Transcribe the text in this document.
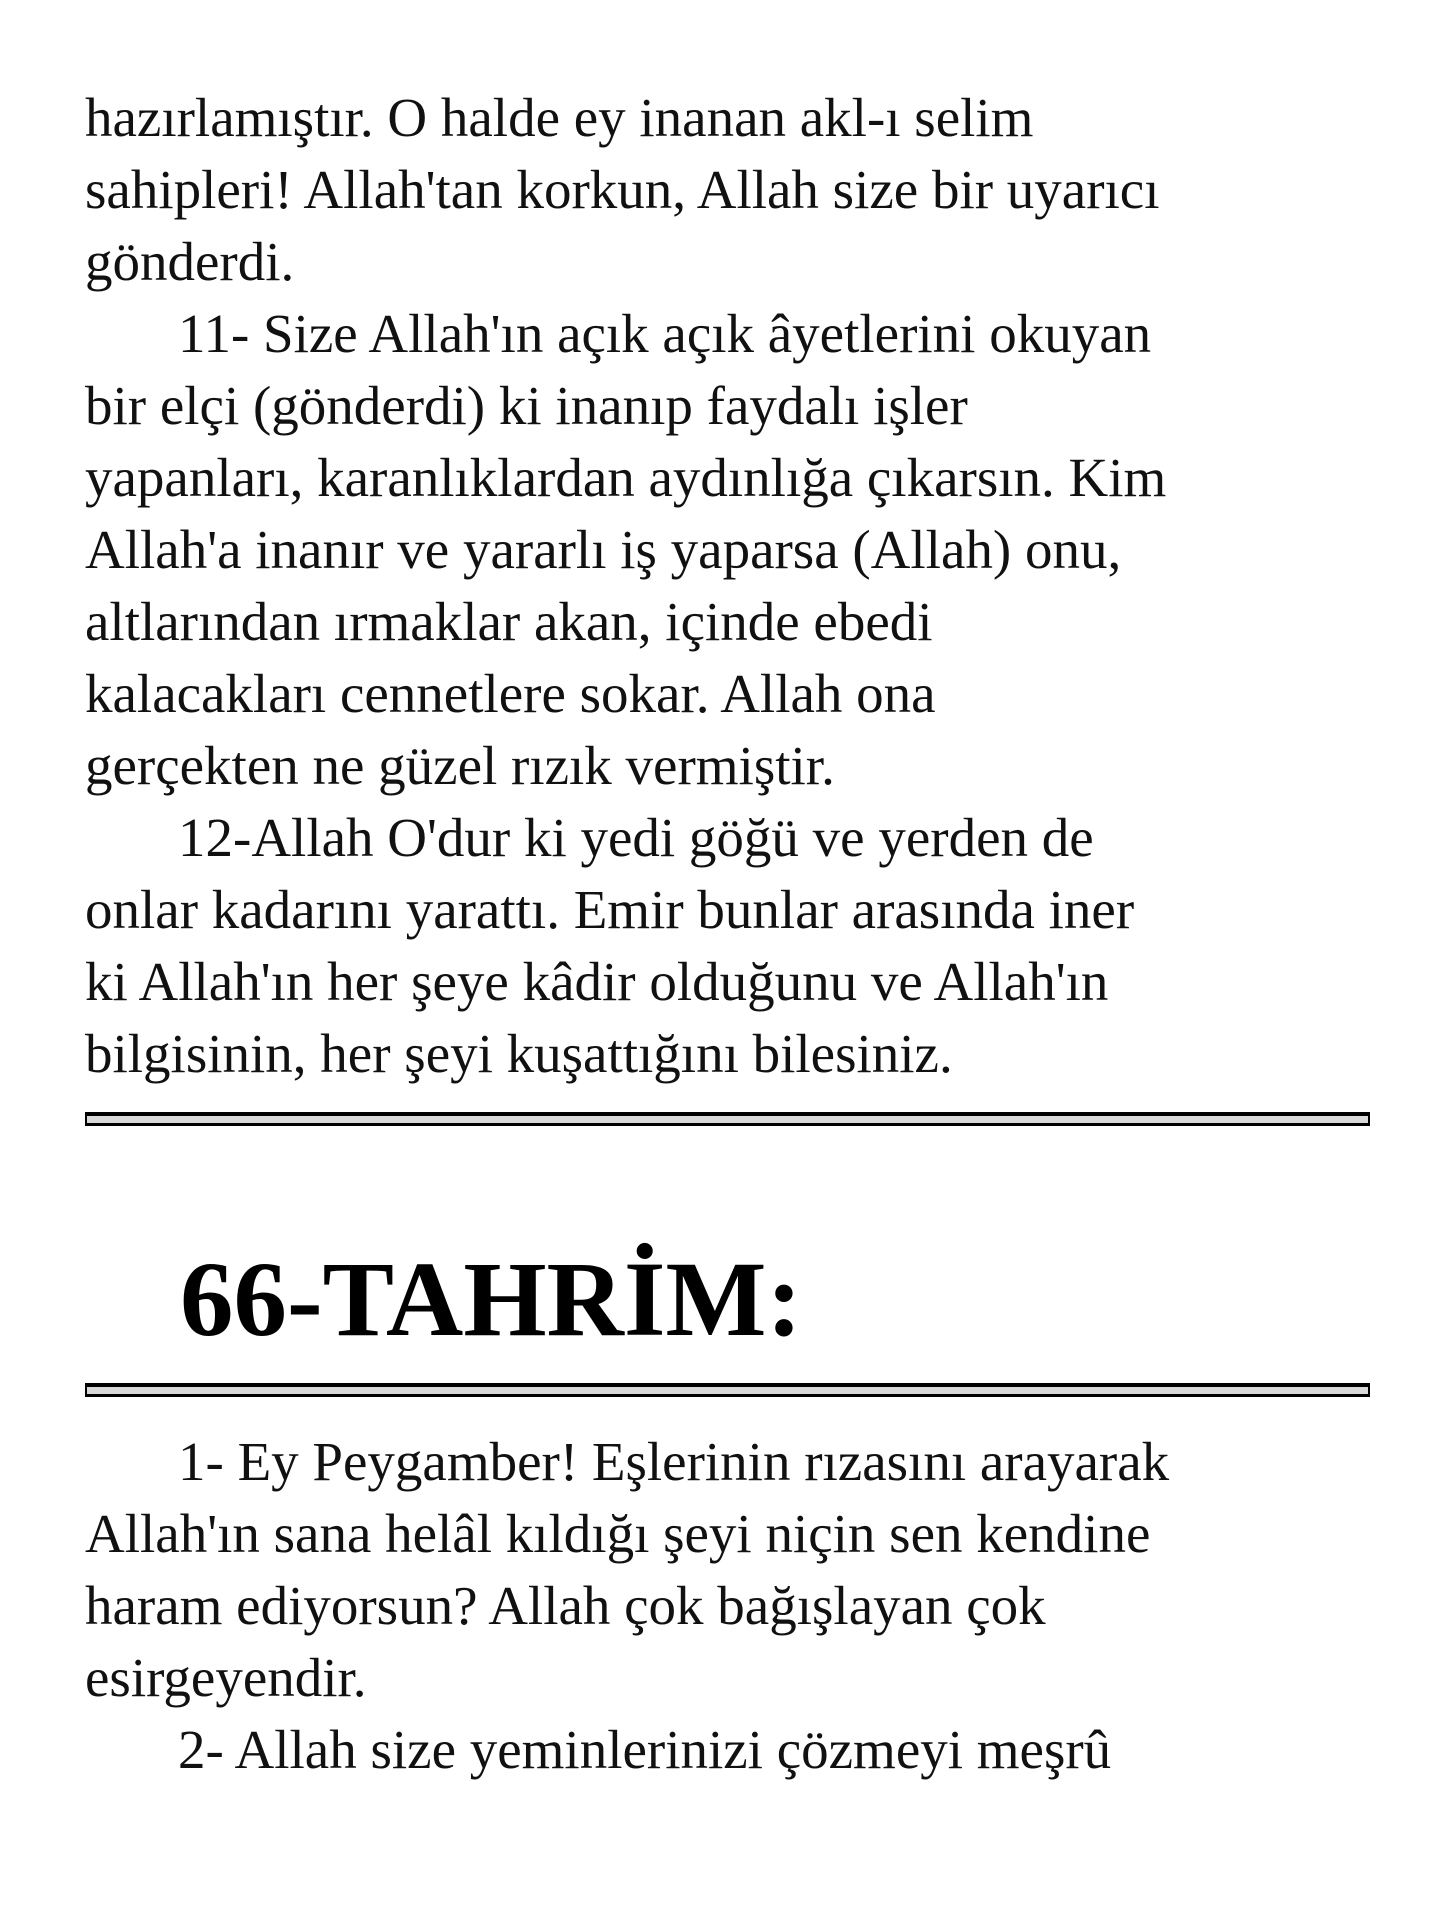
hazırlamıştır. O halde ey inanan akl-ı selim
sahipleri! Allah'tan korkun, Allah size bir uyarıcı
gönderdi.
11- Size Allah'ın açık açık âyetlerini okuyan
bir elçi (gönderdi) ki inanıp faydalı işler
yapanları, karanlıklardan aydınlığa çıkarsın. Kim
Allah'a inanır ve yararlı iş yaparsa (Allah) onu,
altlarından ırmaklar akan, içinde ebedi
kalacakları cennetlere sokar. Allah ona
gerçekten ne güzel rızık vermiştir.
12-Allah O'dur ki yedi göğü ve yerden de
onlar kadarını yarattı. Emir bunlar arasında iner
ki Allah'ın her şeye kâdir olduğunu ve Allah'ın
bilgisinin, her şeyi kuşattığını bilesiniz.
66-TAHRİM:
1- Ey Peygamber! Eşlerinin rızasını arayarak
Allah'ın sana helâl kıldığı şeyi niçin sen kendine
haram ediyorsun? Allah çok bağışlayan çok
esirgeyendir.
2- Allah size yeminlerinizi çözmeyi meşrû
